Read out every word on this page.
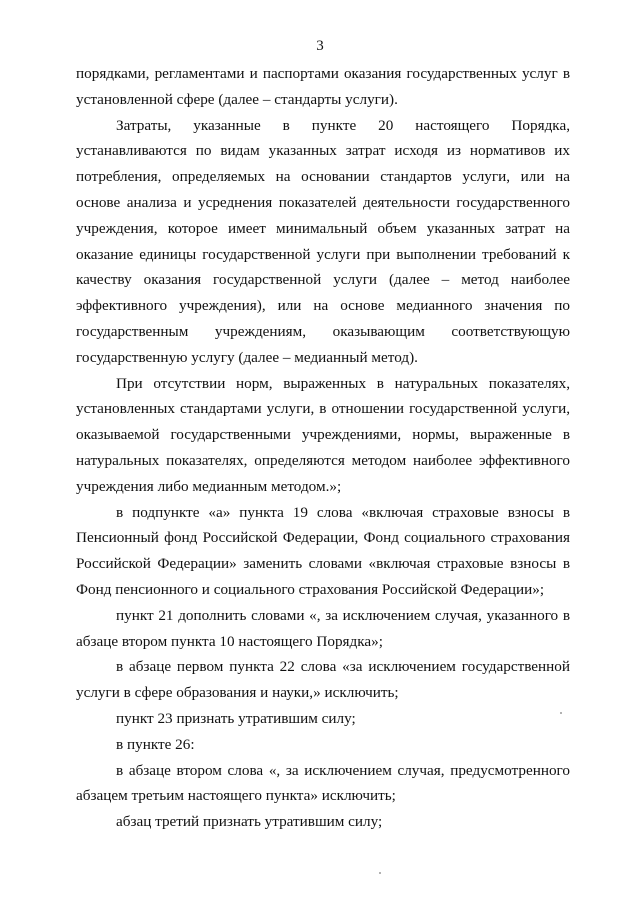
3

порядками, регламентами и паспортами оказания государственных услуг в установленной сфере (далее – стандарты услуги).

Затраты, указанные в пункте 20 настоящего Порядка, устанавливаются по видам указанных затрат исходя из нормативов их потребления, определяемых на основании стандартов услуги, или на основе анализа и усреднения показателей деятельности государственного учреждения, которое имеет минимальный объем указанных затрат на оказание единицы государственной услуги при выполнении требований к качеству оказания государственной услуги (далее – метод наиболее эффективного учреждения), или на основе медианного значения по государственным учреждениям, оказывающим соответствующую государственную услугу (далее – медианный метод).

При отсутствии норм, выраженных в натуральных показателях, установленных стандартами услуги, в отношении государственной услуги, оказываемой государственными учреждениями, нормы, выраженные в натуральных показателях, определяются методом наиболее эффективного учреждения либо медианным методом.»;

в подпункте «а» пункта 19 слова «включая страховые взносы в Пенсионный фонд Российской Федерации, Фонд социального страхования Российской Федерации» заменить словами «включая страховые взносы в Фонд пенсионного и социального страхования Российской Федерации»;

пункт 21 дополнить словами «, за исключением случая, указанного в абзаце втором пункта 10 настоящего Порядка»;

в абзаце первом пункта 22 слова «за исключением государственной услуги в сфере образования и науки,» исключить;

пункт 23 признать утратившим силу;

в пункте 26:

в абзаце втором слова «, за исключением случая, предусмотренного абзацем третьим настоящего пункта» исключить;

абзац третий признать утратившим силу;
